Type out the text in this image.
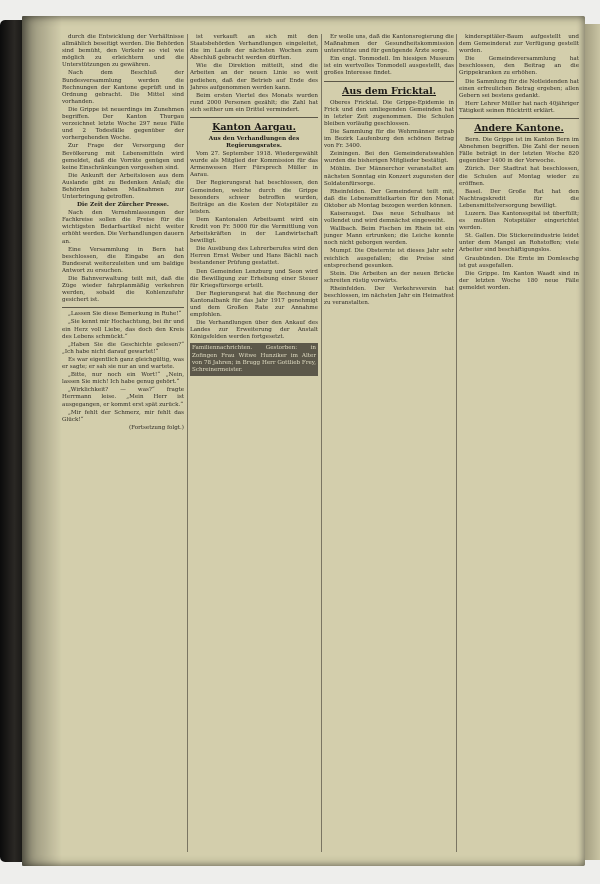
durch die Entwicklung der Verhältnisse allmählich beseitigt werden. Die Behörden sind bemüht, den Verkehr so viel wie möglich zu erleichtern und die Unterstützungen zu gewähren.

Nach dem Beschluß der Bundesversammlung werden die Rechnungen der Kantone geprüft und in Ordnung gebracht. Die Mittel sind vorhanden.

Die Grippe ist neuerdings im Zunehmen begriffen. Der Kanton Thurgau verzeichnet letzte Woche 297 neue Fälle und 2 Todesfälle gegenüber der vorhergehenden Woche.

Zur Frage der Versorgung der Bevölkerung mit Lebensmitteln wird gemeldet, daß die Vorräte genügen und keine Einschränkungen vorgesehen sind.

Die Ankunft der Arbeitslosen aus dem Auslande gibt zu Bedenken Anlaß; die Behörden haben Maßnahmen zur Unterbringung getroffen.

Die Zeit der Zürcher Presse.

Nach den Vernehmlassungen der Fachkreise sollen die Preise für die wichtigsten Bedarfsartikel nicht weiter erhöht werden. Die Verhandlungen dauern an.

Eine Versammlung in Bern hat beschlossen, die Eingabe an den Bundesrat weiterzuleiten und um baldige Antwort zu ersuchen.

Die Bahnverwaltung teilt mit, daß die Züge wieder fahrplanmäßig verkehren werden, sobald die Kohlenzufuhr gesichert ist.

„Lassen Sie diese Bemerkung in Ruhe!“

„Sie kennt mir Hochachtung, bei ihr und ein Herz voll Liebe, das doch den Kreis des Lebens schmückt.“

„Haben Sie die Geschichte gelesen?“ „Ich habe nicht darauf gewartet!“

Es war eigentlich ganz gleichgültig, was er sagte; er sah sie nur an und wartete.

„Bitte, nur noch ein Wort!“ „Nein, lassen Sie mich! Ich habe genug gehört.“

„Wirklichkeit? — was?“ fragte Herrmann leise. „Mein Herr ist ausgegangen, er kommt erst spät zurück.“

„Mir fehlt der Schmerz, mir fehlt das Glück!“

(Fortsetzung folgt.)

ist verkauft an sich mit den Staatsbehörden Verhandlungen eingeleitet, die im Laufe der nächsten Wochen zum Abschluß gebracht werden dürften.

Wie die Direktion mitteilt, sind die Arbeiten an der neuen Linie so weit gediehen, daß der Betrieb auf Ende des Jahres aufgenommen werden kann.

Beim ersten Viertel des Monats wurden rund 2000 Personen gezählt; die Zahl hat sich seither um ein Drittel vermindert.

Kanton Aargau.
Aus den Verhandlungen des Regierungsrates.

Vom 27. September 1918. Wiedergewählt wurde als Mitglied der Kommission für das Armenwesen Herr Fürsprech Müller in Aarau.

Der Regierungsrat hat beschlossen, den Gemeinden, welche durch die Grippe besonders schwer betroffen wurden, Beiträge an die Kosten der Notspitäler zu leisten.

Dem Kantonalen Arbeitsamt wird ein Kredit von Fr. 5000 für die Vermittlung von Arbeitskräften in der Landwirtschaft bewilligt.

Die Ausübung des Lehrerberufes wird den Herren Ernst Weber und Hans Bächli nach bestandener Prüfung gestattet.

Den Gemeinden Lenzburg und Seon wird die Bewilligung zur Erhebung einer Steuer für Kriegsfürsorge erteilt.

Der Regierungsrat hat die Rechnung der Kantonalbank für das Jahr 1917 genehmigt und dem Großen Rate zur Annahme empfohlen.

Die Verhandlungen über den Ankauf des Landes zur Erweiterung der Anstalt Königsfelden werden fortgesetzt.

Familiennachrichten. Gestorben: in Zofingen Frau Witwe Hunziker im Alter von 78 Jahren; in Brugg Herr Gottlieb Frey, Schreinermeister.

Er wolle uns, daß die Kantonsregierung die Maßnahmen der Gesundheitskommission unterstütze und für genügende Ärzte sorge.

Ein engl. Tonmodell. Im hiesigen Museum ist ein wertvolles Tonmodell ausgestellt, das großes Interesse findet.

Aus dem Fricktal.

Oberes Fricktal. Die Grippe-Epidemie in Frick und den umliegenden Gemeinden hat in letzter Zeit zugenommen. Die Schulen bleiben vorläufig geschlossen.

Die Sammlung für die Wehrmänner ergab im Bezirk Laufenburg den schönen Betrag von Fr. 3400.

Zeiningen. Bei den Gemeinderatswahlen wurden die bisherigen Mitglieder bestätigt.

Möhlin. Der Männerchor veranstaltet am nächsten Sonntag ein Konzert zugunsten der Soldatenfürsorge.

Rheinfelden. Der Gemeinderat teilt mit, daß die Lebensmittelkarten für den Monat Oktober ab Montag bezogen werden können.

Kaiseraugst. Das neue Schulhaus ist vollendet und wird demnächst eingeweiht.

Wallbach. Beim Fischen im Rhein ist ein junger Mann ertrunken; die Leiche konnte noch nicht geborgen werden.

Mumpf. Die Obsternte ist dieses Jahr sehr reichlich ausgefallen; die Preise sind entsprechend gesunken.

Stein. Die Arbeiten an der neuen Brücke schreiten rüstig vorwärts.

Rheinfelden. Der Verkehrsverein hat beschlossen, im nächsten Jahr ein Heimatfest zu veranstalten.

kinderspitäler-Baum aufgestellt und dem Gemeinderat zur Verfügung gestellt worden.

Die Gemeindeversammlung hat beschlossen, den Beitrag an die Grippekranken zu erhöhen.

Die Sammlung für die Notleidenden hat einen erfreulichen Betrag ergeben; allen Gebern sei bestens gedankt.

Herr Lehrer Müller hat nach 40jähriger Tätigkeit seinen Rücktritt erklärt.

Andere Kantone.

Bern. Die Grippe ist im Kanton Bern im Abnehmen begriffen. Die Zahl der neuen Fälle beträgt in der letzten Woche 820 gegenüber 1400 in der Vorwoche.

Zürich. Der Stadtrat hat beschlossen, die Schulen auf Montag wieder zu eröffnen.

Basel. Der Große Rat hat den Nachtragskredit für die Lebensmittelversorgung bewilligt.

Luzern. Das Kantonsspital ist überfüllt; es mußten Notspitäler eingerichtet werden.

St. Gallen. Die Stickereiindustrie leidet unter dem Mangel an Rohstoffen; viele Arbeiter sind beschäftigungslos.

Graubünden. Die Ernte im Domleschg ist gut ausgefallen.

Die Grippe. Im Kanton Waadt sind in der letzten Woche 180 neue Fälle gemeldet worden.
